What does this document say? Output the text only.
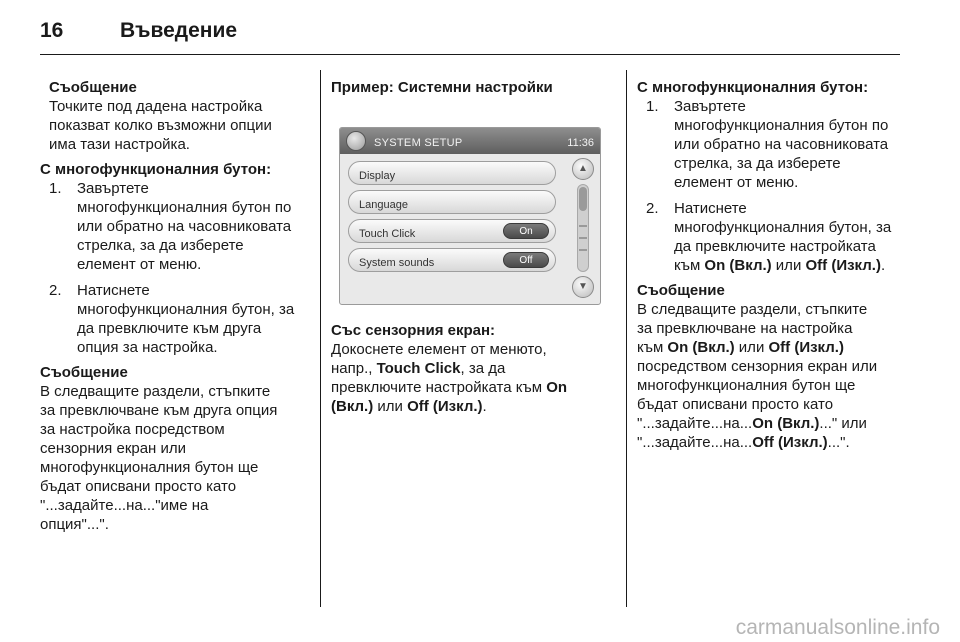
16	Въведение
Съобщение
Точките под дадена настройка
показват колко възможни опции
има тази настройка.
С многофункционалния бутон:
1.	Завъртете
многофункционалния бутон по
или обратно на часовниковата
стрелка, за да изберете
елемент от меню.
2.	Натиснете
многофункционалния бутон, за
да превключите към друга
опция за настройка.
Съобщение
В следващите раздели, стъпките
за превключване към друга опция
за настройка посредством
сензорния екран или
многофункционалния бутон ще
бъдат описвани просто като
"...задайте...на..."име на
опция"...".
Пример: Системни настройки
SYSTEM SETUP	11:36
Display
Language
Touch Click	On
System sounds	Off
▲
▼
Със сензорния екран:
Докоснете елемент от менюто,
напр., Touch Click, за да
превключите настройката към On
(Вкл.) или Off (Изкл.).
С многофункционалния бутон:
1.	Завъртете
многофункционалния бутон по
или обратно на часовниковата
стрелка, за да изберете
елемент от меню.
2.	Натиснете
многофункционалния бутон, за
да превключите настройката
към On (Вкл.) или Off (Изкл.).
Съобщение
В следващите раздели, стъпките
за превключване на настройка
към On (Вкл.) или Off (Изкл.)
посредством сензорния екран или
многофункционалния бутон ще
бъдат описвани просто като
"...задайте...на...On (Вкл.)..." или
"...задайте...на...Off (Изкл.)...".
carmanualsonline.info
